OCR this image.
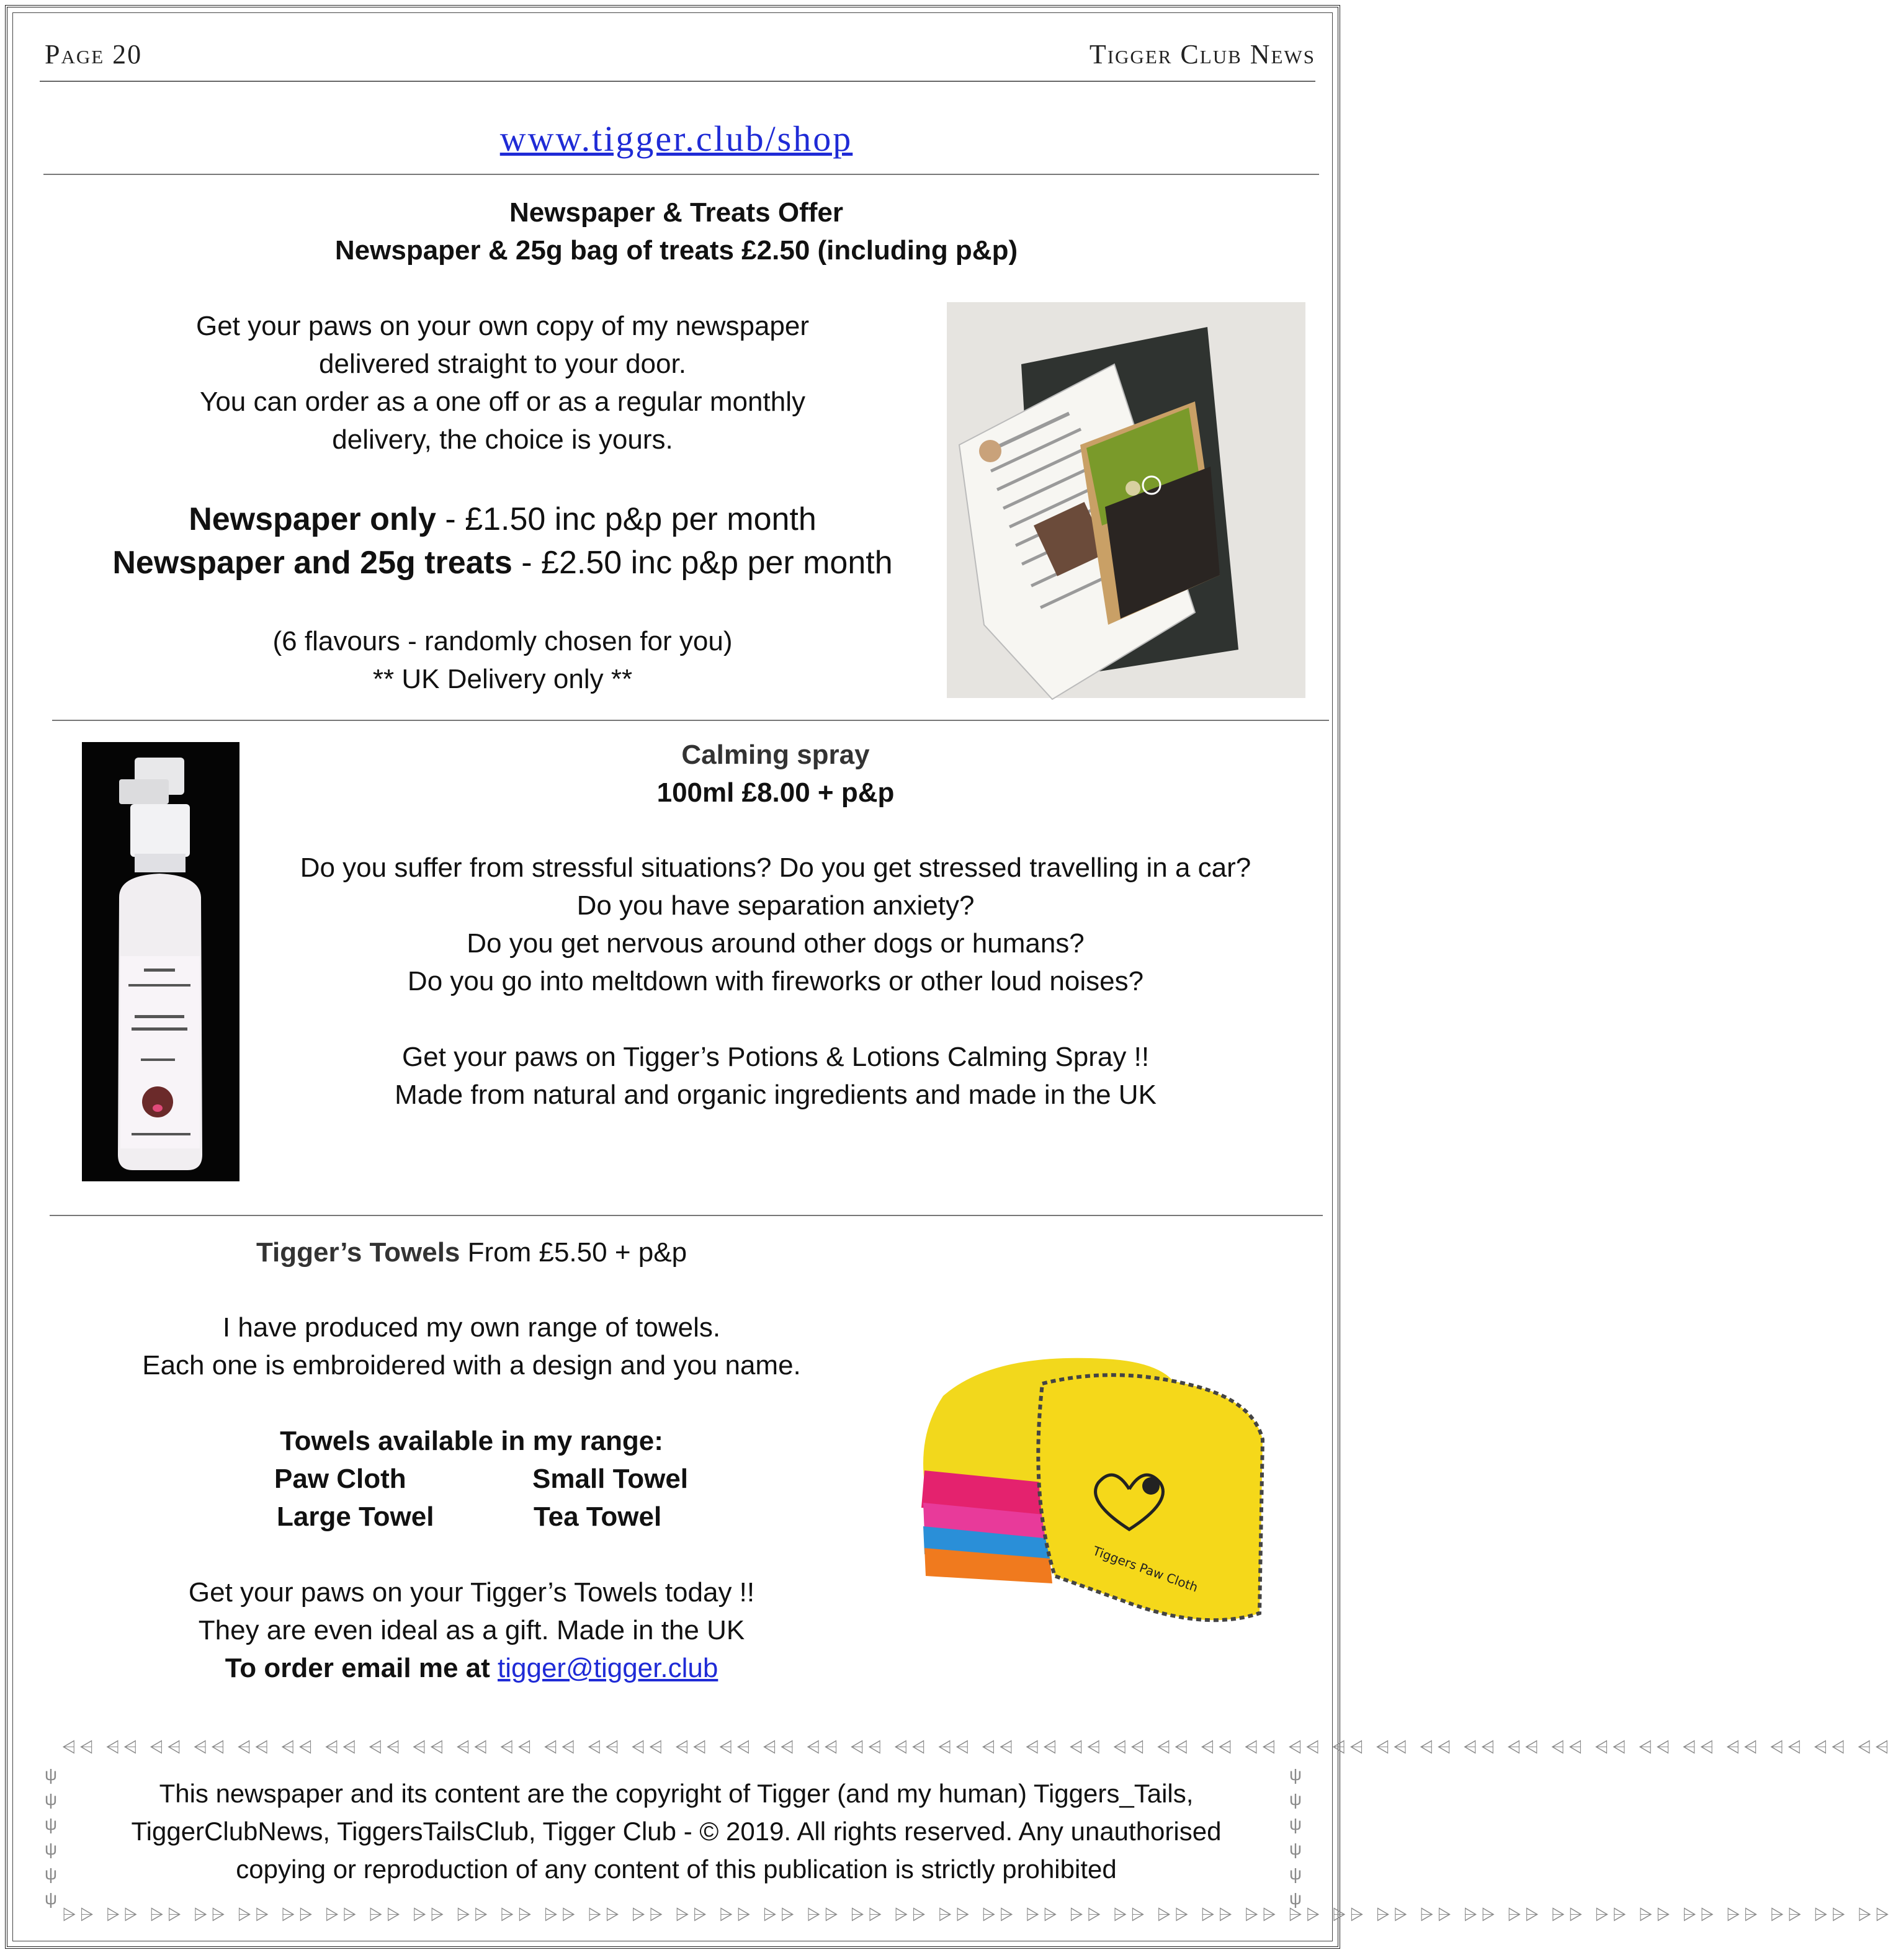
Page 20	Tigger Club News
www.tigger.club/shop
Newspaper & Treats Offer
Newspaper & 25g bag of treats £2.50 (including p&p)
Get your paws on your own copy of my newspaper
delivered straight to your door.
You can order as a one off or as a regular monthly
delivery, the choice is yours.
Newspaper only - £1.50 inc p&p per month
Newspaper and 25g treats - £2.50 inc p&p per month
(6 flavours - randomly chosen for you)
** UK Delivery only **
Calming spray
100ml £8.00 + p&p
Do you suffer from stressful situations? Do you get stressed travelling in a car?
Do you have separation anxiety?
Do you get nervous around other dogs or humans?
Do you go into meltdown with fireworks or other loud noises?
Get your paws on Tigger’s Potions & Lotions Calming Spray !!
Made from natural and organic ingredients and made in the UK
Tigger’s Towels From £5.50 + p&p
I have produced my own range of towels.
Each one is embroidered with a design and you name.
Towels available in my range:
Paw Cloth	Small Towel
Large Towel	Tea Towel
Get your paws on your Tigger’s Towels today !!
They are even ideal as a gift. Made in the UK
To order email me at tigger@tigger.club
Tiggers Paw Cloth
⩤⩤ ⩤⩤ ⩤⩤ ⩤⩤ ⩤⩤ ⩤⩤ ⩤⩤ ⩤⩤ ⩤⩤ ⩤⩤ ⩤⩤ ⩤⩤ ⩤⩤ ⩤⩤ ⩤⩤ ⩤⩤ ⩤⩤ ⩤⩤ ⩤⩤ ⩤⩤ ⩤⩤ ⩤⩤ ⩤⩤ ⩤⩤ ⩤⩤ ⩤⩤ ⩤⩤ ⩤⩤ ⩤⩤ ⩤⩤ ⩤⩤ ⩤⩤ ⩤⩤ ⩤⩤ ⩤⩤ ⩤⩤ ⩤⩤ ⩤⩤ ⩤⩤ ⩤⩤ ⩤⩤ ⩤⩤
⩥⩥ ⩥⩥ ⩥⩥ ⩥⩥ ⩥⩥ ⩥⩥ ⩥⩥ ⩥⩥ ⩥⩥ ⩥⩥ ⩥⩥ ⩥⩥ ⩥⩥ ⩥⩥ ⩥⩥ ⩥⩥ ⩥⩥ ⩥⩥ ⩥⩥ ⩥⩥ ⩥⩥ ⩥⩥ ⩥⩥ ⩥⩥ ⩥⩥ ⩥⩥ ⩥⩥ ⩥⩥ ⩥⩥ ⩥⩥ ⩥⩥ ⩥⩥ ⩥⩥ ⩥⩥ ⩥⩥ ⩥⩥ ⩥⩥ ⩥⩥ ⩥⩥ ⩥⩥ ⩥⩥ ⩥⩥
ψ
ψ
ψ
ψ
ψ
ψ
ψ
ψ
ψ
ψ
ψ
ψ
This newspaper and its content are the copyright of Tigger (and my human) Tiggers_Tails,
TiggerClubNews, TiggersTailsClub, Tigger Club - © 2019. All rights reserved. Any unauthorised
copying or reproduction of any content of this publication is strictly prohibited
